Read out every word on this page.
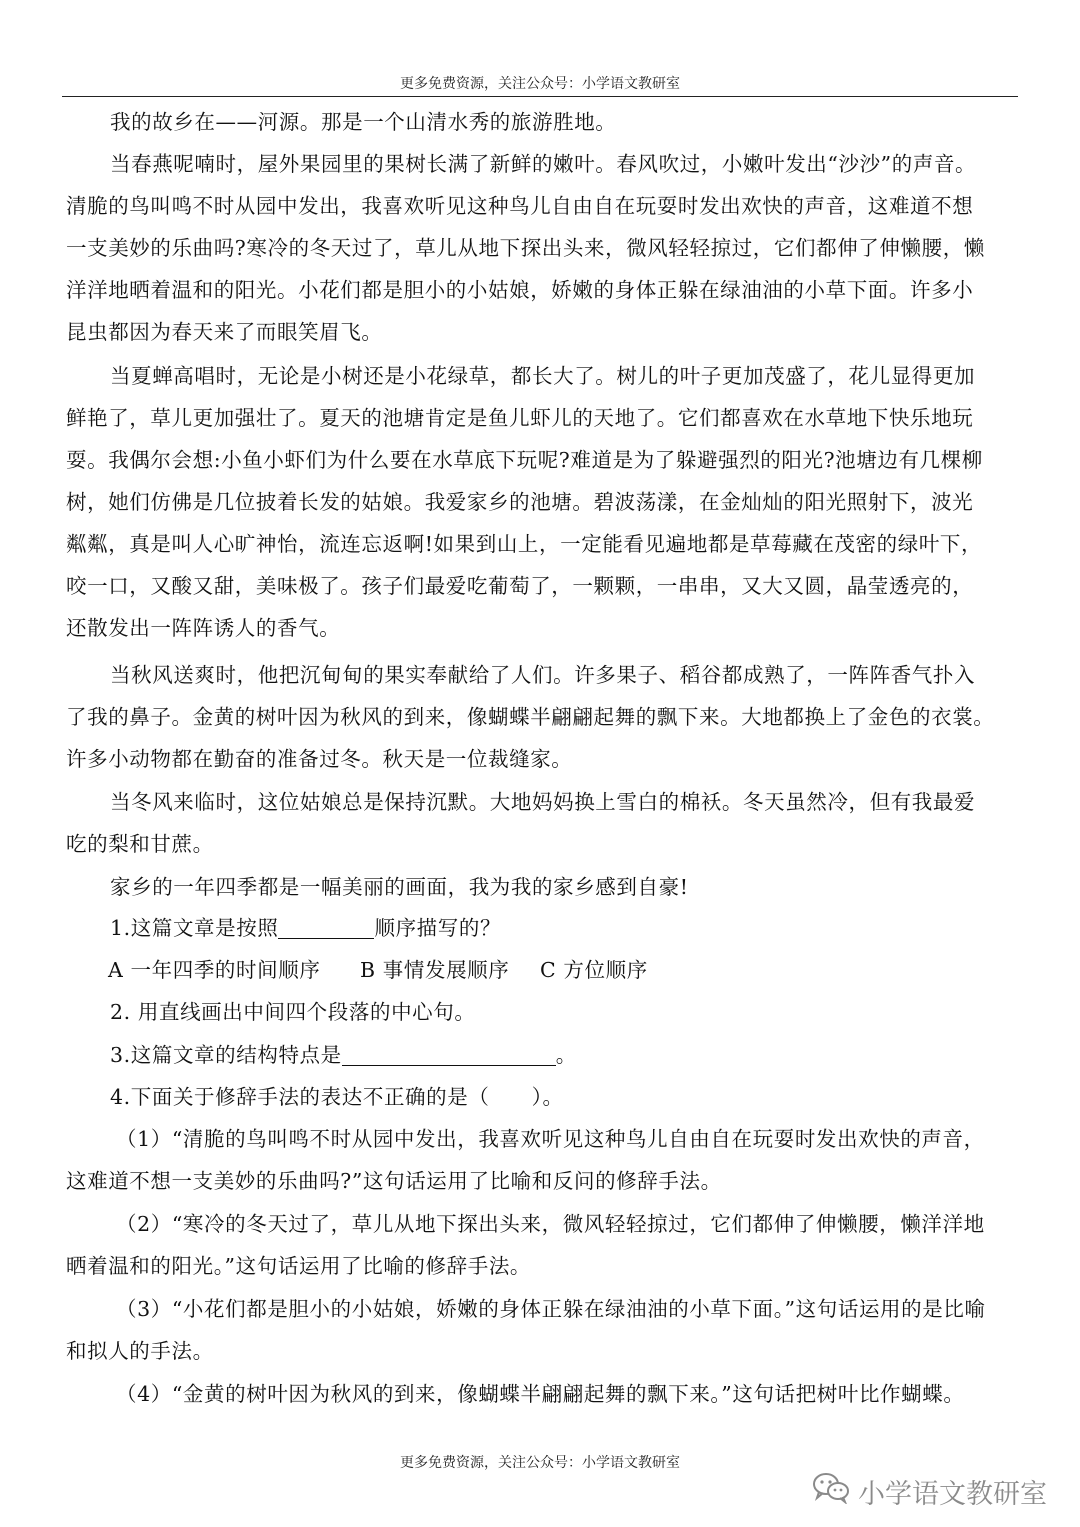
更多免费资源，关注公众号：小学语文教研室
我的故乡在——河源。那是一个山清水秀的旅游胜地。
当春燕呢喃时，屋外果园里的果树长满了新鲜的嫩叶。春风吹过，小嫩叶发出“沙沙”的声音。
清脆的鸟叫鸣不时从园中发出，我喜欢听见这种鸟儿自由自在玩耍时发出欢快的声音，这难道不想
一支美妙的乐曲吗?寒冷的冬天过了，草儿从地下探出头来，微风轻轻掠过，它们都伸了伸懒腰，懒
洋洋地晒着温和的阳光。小花们都是胆小的小姑娘，娇嫩的身体正躲在绿油油的小草下面。许多小
昆虫都因为春天来了而眼笑眉飞。
当夏蝉高唱时，无论是小树还是小花绿草，都长大了。树儿的叶子更加茂盛了，花儿显得更加
鲜艳了，草儿更加强壮了。夏天的池塘肯定是鱼儿虾儿的天地了。它们都喜欢在水草地下快乐地玩
耍。我偶尔会想:小鱼小虾们为什么要在水草底下玩呢?难道是为了躲避强烈的阳光?池塘边有几棵柳
树，她们仿佛是几位披着长发的姑娘。我爱家乡的池塘。碧波荡漾，在金灿灿的阳光照射下，波光
粼粼，真是叫人心旷神怡，流连忘返啊!如果到山上，一定能看见遍地都是草莓藏在茂密的绿叶下，
咬一口，又酸又甜，美味极了。孩子们最爱吃葡萄了，一颗颗，一串串，又大又圆，晶莹透亮的，
还散发出一阵阵诱人的香气。
当秋风送爽时，他把沉甸甸的果实奉献给了人们。许多果子、稻谷都成熟了，一阵阵香气扑入
了我的鼻子。金黄的树叶因为秋风的到来，像蝴蝶半翩翩起舞的飘下来。大地都换上了金色的衣裳。
许多小动物都在勤奋的准备过冬。秋天是一位裁缝家。
当冬风来临时，这位姑娘总是保持沉默。大地妈妈换上雪白的棉袄。冬天虽然冷，但有我最爱
吃的梨和甘蔗。
家乡的一年四季都是一幅美丽的画面，我为我的家乡感到自豪!
1.这篇文章是按照	顺序描写的？
A 一年四季的时间顺序 B 事情发展顺序 C 方位顺序
2. 用直线画出中间四个段落的中心句。
3.这篇文章的结构特点是	。
4.下面关于修辞手法的表达不正确的是（　　）。
（1）“清脆的鸟叫鸣不时从园中发出，我喜欢听见这种鸟儿自由自在玩耍时发出欢快的声音，
这难道不想一支美妙的乐曲吗?”这句话运用了比喻和反问的修辞手法。
（2）“寒冷的冬天过了，草儿从地下探出头来，微风轻轻掠过，它们都伸了伸懒腰，懒洋洋地
晒着温和的阳光。”这句话运用了比喻的修辞手法。
（3）“小花们都是胆小的小姑娘，娇嫩的身体正躲在绿油油的小草下面。”这句话运用的是比喻
和拟人的手法。
（4）“金黄的树叶因为秋风的到来，像蝴蝶半翩翩起舞的飘下来。”这句话把树叶比作蝴蝶。
更多免费资源，关注公众号：小学语文教研室
小学语文教研室
